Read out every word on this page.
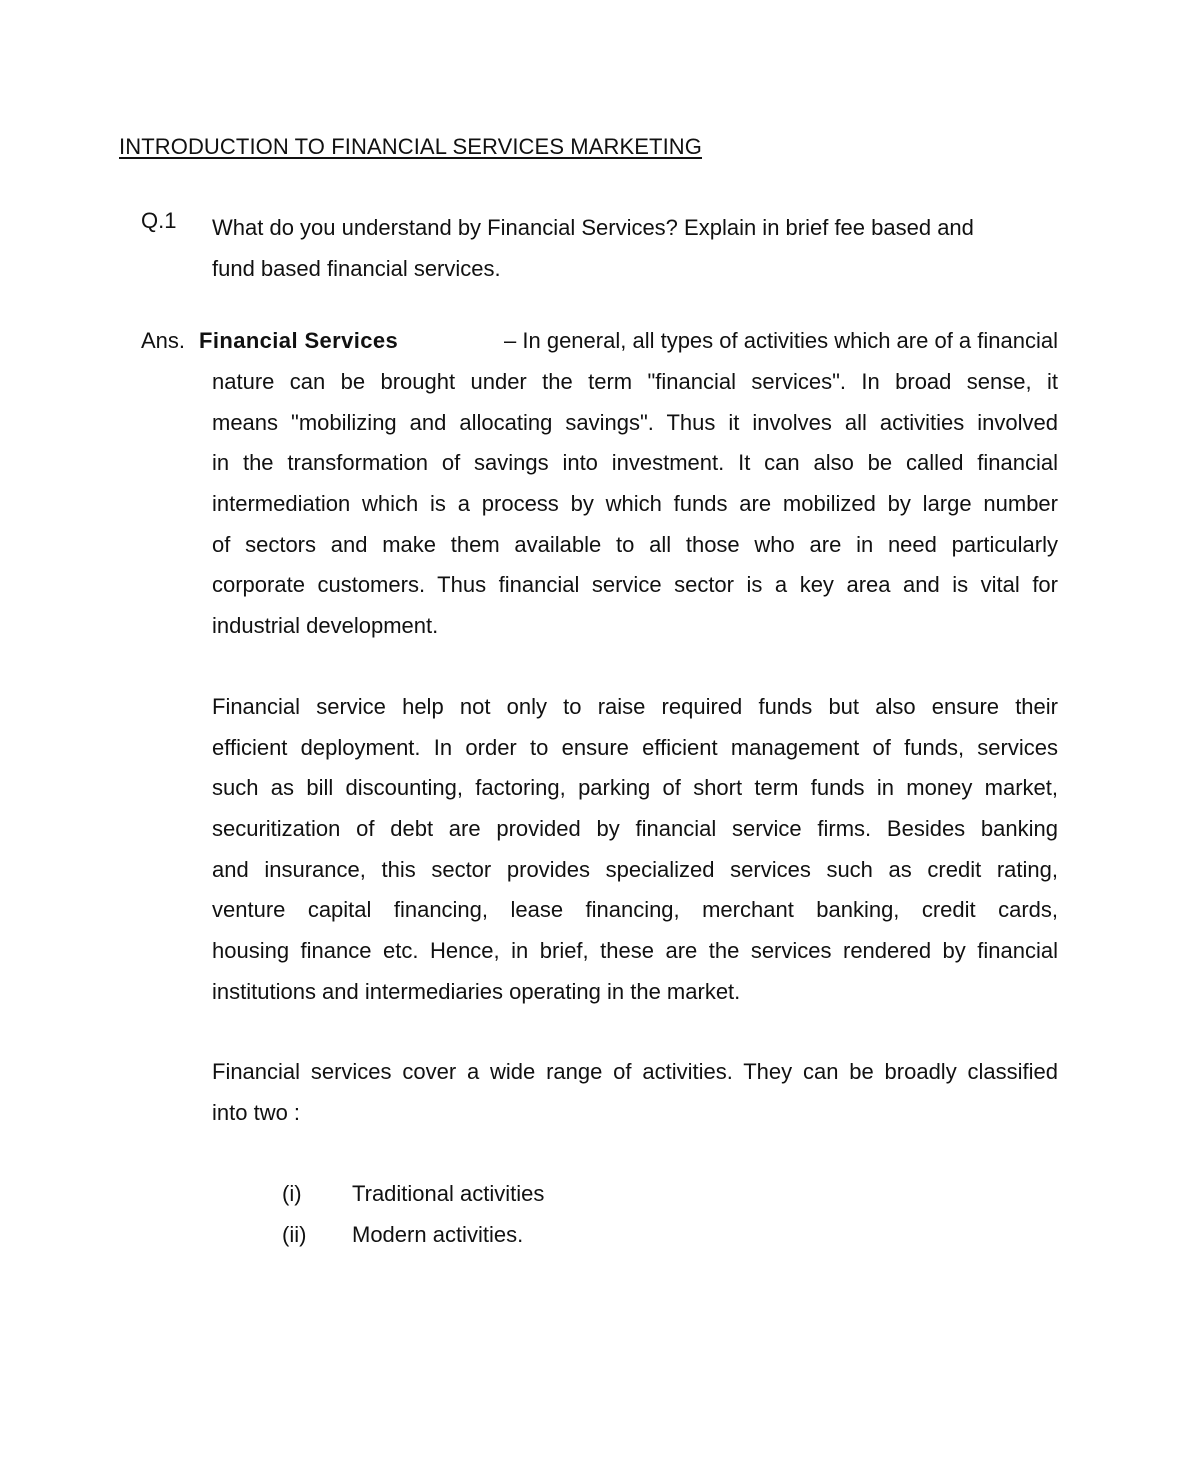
INTRODUCTION TO FINANCIAL SERVICES MARKETING
Q.1 What do you understand by Financial Services? Explain in brief fee based and
fund based financial services.
Ans. Financial Services	– In general, all types of activities which are of a financial
nature can be brought under the term "financial services". In broad sense, it
means "mobilizing and allocating savings". Thus it involves all activities involved
in the transformation of savings into investment. It can also be called financial
intermediation which is a process by which funds are mobilized by large number
of sectors and make them available to all those who are in need particularly
corporate customers. Thus financial service sector is a key area and is vital for
industrial development.
Financial service help not only to raise required funds but also ensure their
efficient deployment. In order to ensure efficient management of funds, services
such as bill discounting, factoring, parking of short term funds in money market,
securitization of debt are provided by financial service firms. Besides banking
and insurance, this sector provides specialized services such as credit rating,
venture capital financing, lease financing, merchant banking, credit cards,
housing finance etc. Hence, in brief, these are the services rendered by financial
institutions and intermediaries operating in the market.
Financial services cover a wide range of activities. They can be broadly classified
into two :
(i) Traditional activities
(ii) Modern activities.
